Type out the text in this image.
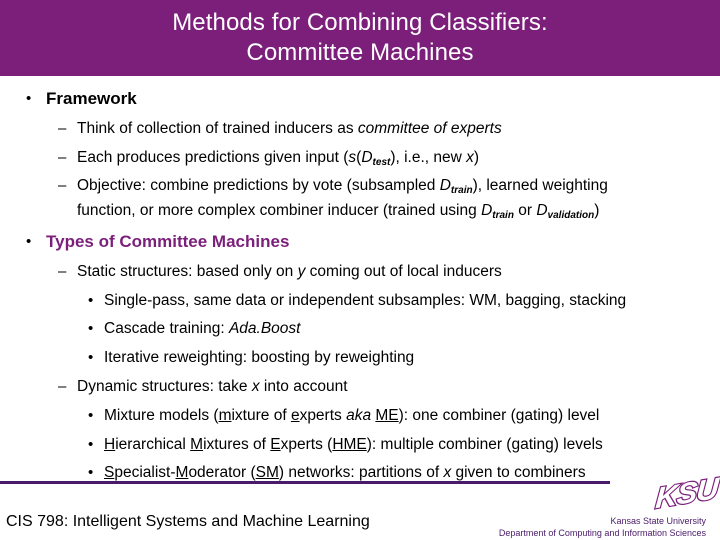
Methods for Combining Classifiers:
Committee Machines
• Framework
– Think of collection of trained inducers as committee of experts
– Each produces predictions given input ($s(D_{test})$, i.e., new x)
– Objective: combine predictions by vote (subsampled $D_{train}$), learned weighting
function, or more complex combiner inducer (trained using $D_{train}$ or $D_{validation}$)
• Types of Committee Machines
– Static structures: based only on y coming out of local inducers
• Single-pass, same data or independent subsamples: WM, bagging, stacking
• Cascade training: Ada.Boost
• Iterative reweighting: boosting by reweighting
– Dynamic structures: take x into account
• Mixture models (mixture of experts aka ME): one combiner (gating) level
• Hierarchical Mixtures of Experts (HME): multiple combiner (gating) levels
• Specialist-Moderator (SM) networks: partitions of x given to combiners
CIS 798: Intelligent Systems and Machine Learning
KSU
Kansas State University
Department of Computing and Information Sciences
